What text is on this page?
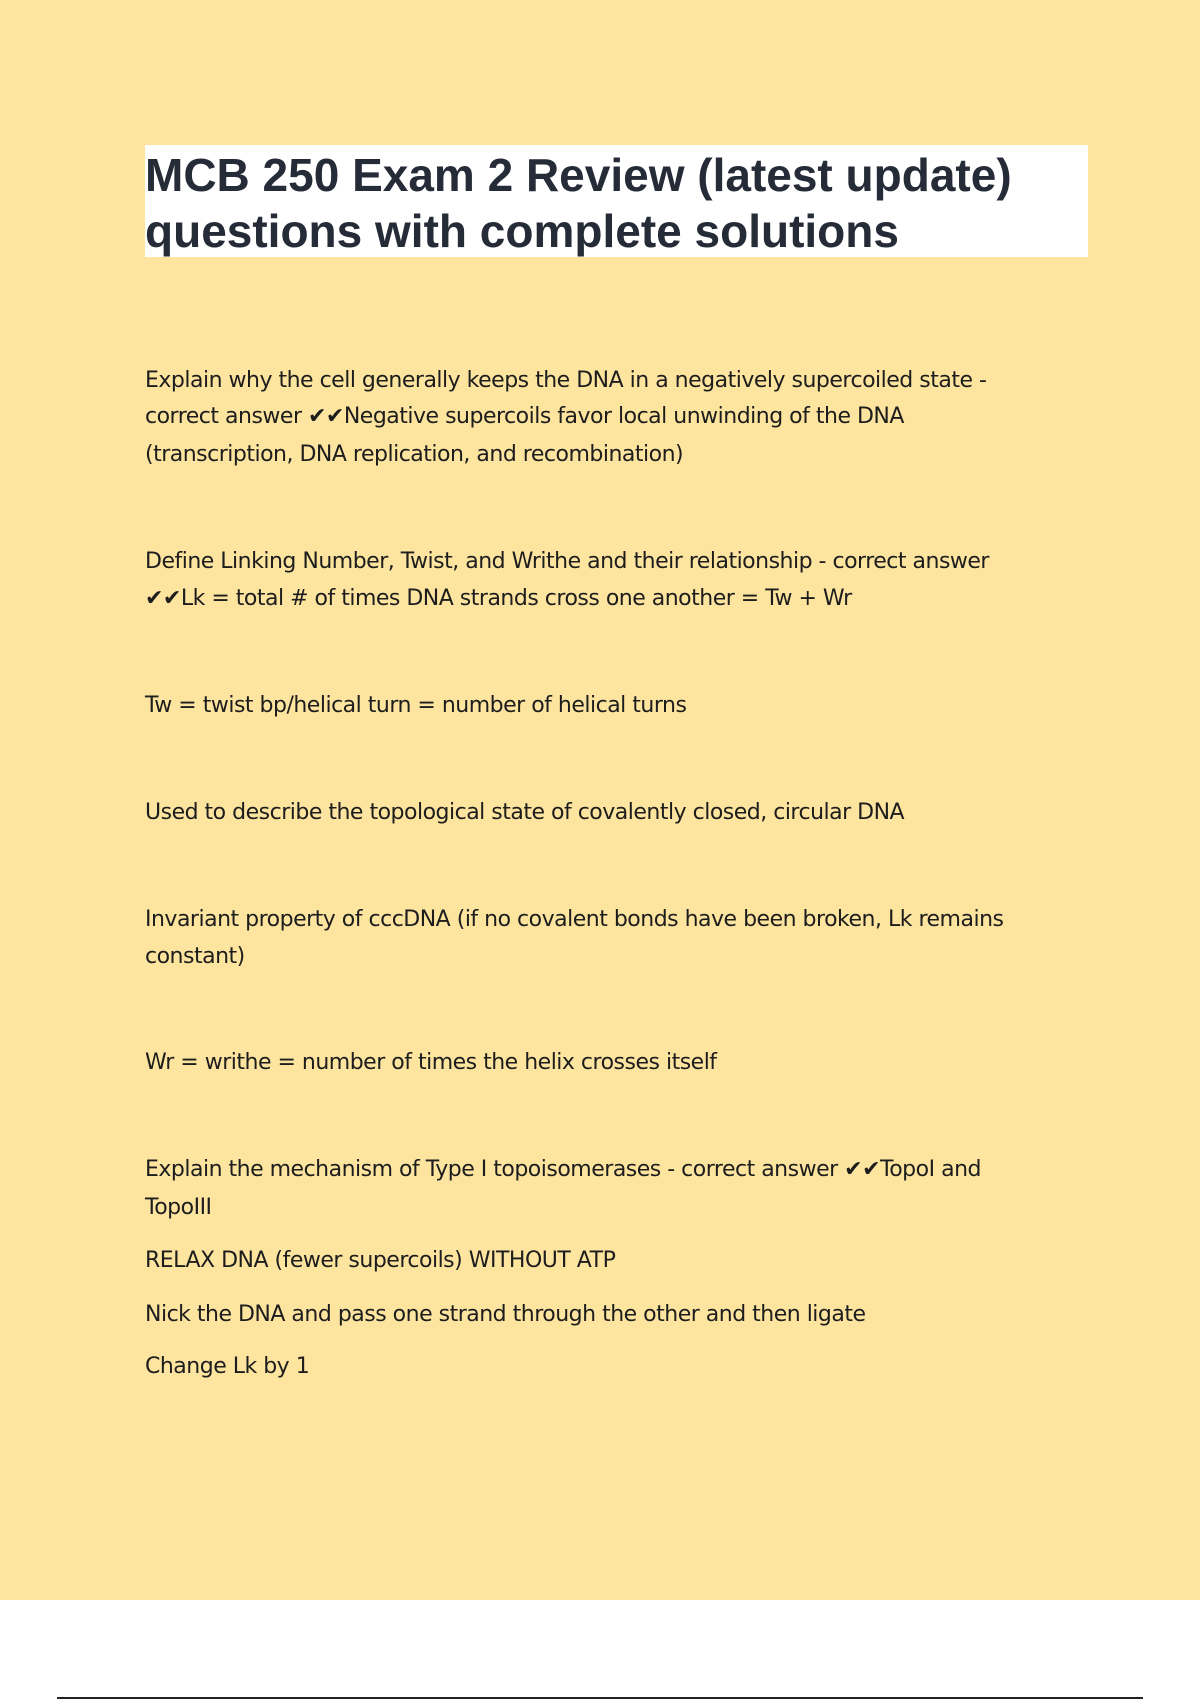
MCB 250 Exam 2 Review (latest update)
questions with complete solutions
Explain why the cell generally keeps the DNA in a negatively supercoiled state -
correct answer ✔✔Negative supercoils favor local unwinding of the DNA
(transcription, DNA replication, and recombination)
Define Linking Number, Twist, and Writhe and their relationship - correct answer
✔✔Lk = total # of times DNA strands cross one another = Tw + Wr
Tw = twist bp/helical turn = number of helical turns
Used to describe the topological state of covalently closed, circular DNA
Invariant property of cccDNA (if no covalent bonds have been broken, Lk remains
constant)
Wr = writhe = number of times the helix crosses itself
Explain the mechanism of Type I topoisomerases - correct answer ✔✔TopoI and
TopoIII
RELAX DNA (fewer supercoils) WITHOUT ATP
Nick the DNA and pass one strand through the other and then ligate
Change Lk by 1
